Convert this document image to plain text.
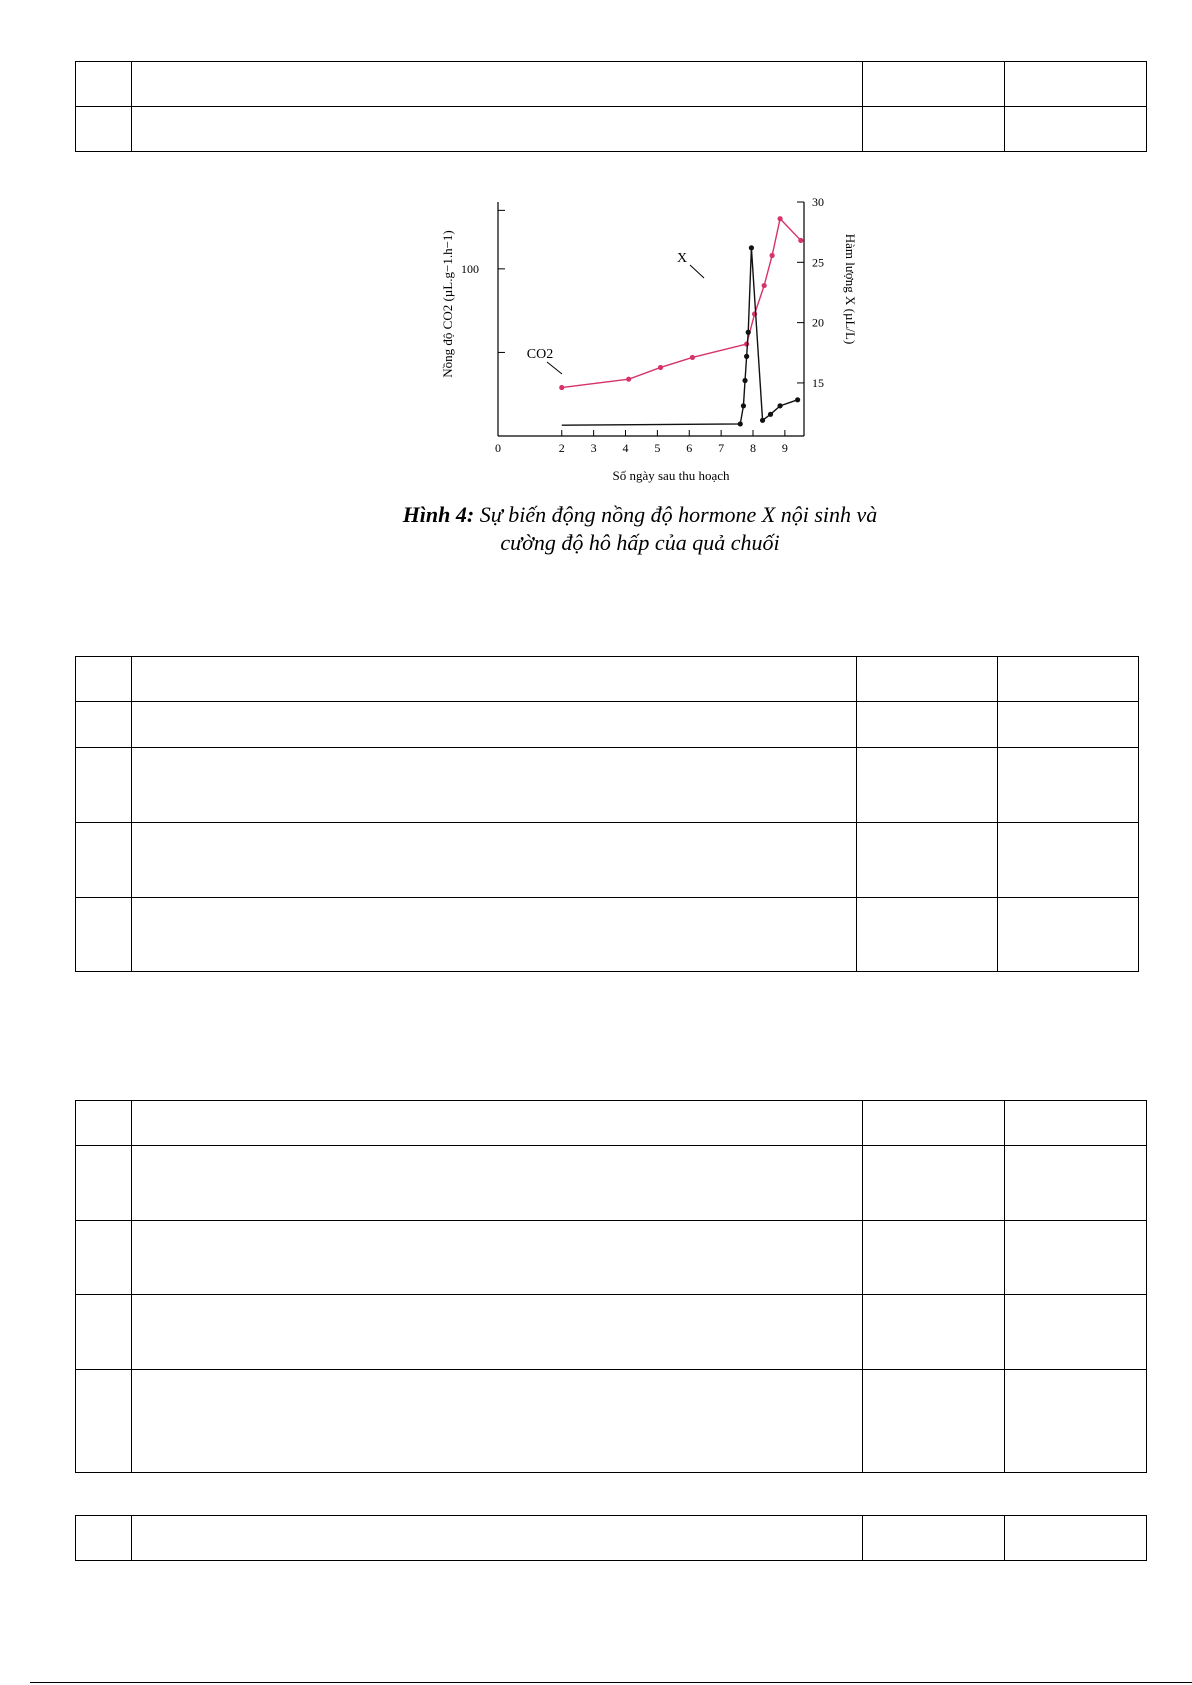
0	2 3 4 5 6 7 8 9
100
15
20
25
30
Số ngày sau thu hoạch
Nồng độ CO2 (µL.g−1.h−1)	Hàm lượng X (µL/L)
X
CO2
Hình 4: Sự biến động nồng độ hormone X nội sinh và cường độ hô hấp của quả chuối
